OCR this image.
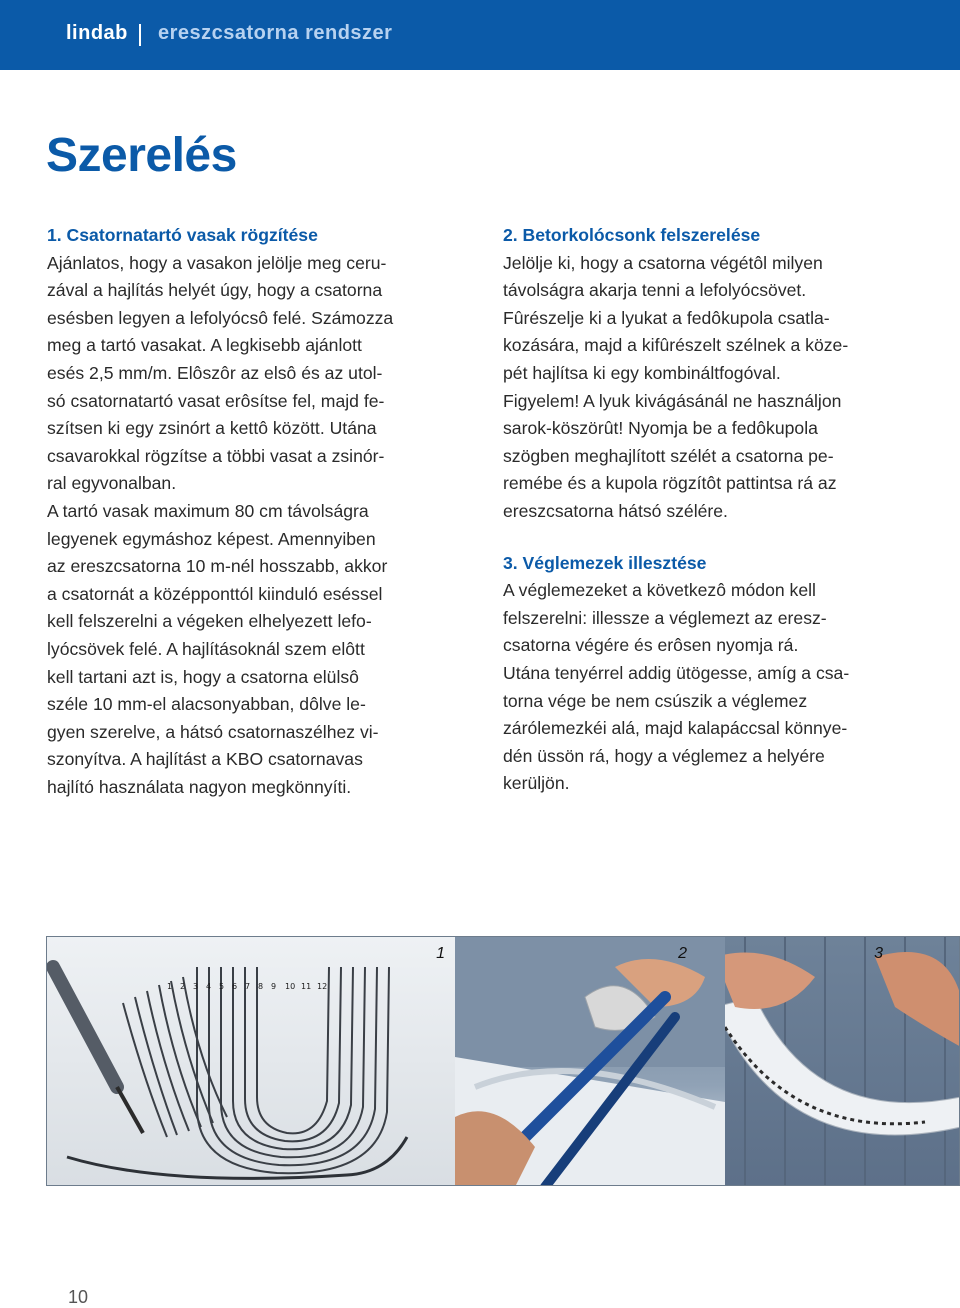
lindab ereszcsatorna rendszer
Szerelés

1. Csatornatartó vasak rögzítése

Ajánlatos, hogy a vasakon jelölje meg ceru-
zával a hajlítás helyét úgy, hogy a csatorna
esésben legyen a lefolyócsô felé. Számozza
meg a tartó vasakat. A legkisebb ajánlott
esés 2,5 mm/m. Elôszôr az elsô és az utol-
só csatornatartó vasat erôsítse fel, majd fe-
szítsen ki egy zsinórt a kettô között. Utána
csavarokkal rögzítse a többi vasat a zsinór-
ral egyvonalban.

A tartó vasak maximum 80 cm távolságra
legyenek egymáshoz képest. Amennyiben
az ereszcsatorna 10 m-nél hosszabb, akkor
a csatornát a középponttól kiinduló eséssel
kell felszerelni a végeken elhelyezett lefo-
lyócsövek felé. A hajlításoknál szem elôtt
kell tartani azt is, hogy a csatorna elülsô
széle 10 mm-el alacsonyabban, dôlve le-
gyen szerelve, a hátsó csatornaszélhez vi-
szonyítva. A hajlítást a KBO csatornavas
hajlító használata nagyon megkönnyíti.

2. Betorkolócsonk felszerelése

Jelölje ki, hogy a csatorna végétôl milyen
távolságra akarja tenni a lefolyócsövet.
Fûrészelje ki a lyukat a fedôkupola csatla-
kozására, majd a kifûrészelt szélnek a köze-
pét hajlítsa ki egy kombináltfogóval.
Figyelem! A lyuk kivágásánál ne használjon
sarok-köszörût! Nyomja be a fedôkupola
szögben meghajlított szélét a csatorna pe-
remébe és a kupola rögzítôt pattintsa rá az
ereszcsatorna hátsó szélére.

3. Véglemezek illesztése

A véglemezeket a következô módon kell
felszerelni: illessze a véglemezt az eresz-
csatorna végére és erôsen nyomja rá.
Utána tenyérrel addig ütögesse, amíg a csa-
torna vége be nem csúszik a véglemez
zárólemezkéi alá, majd kalapáccsal könnye-
dén üssön rá, hogy a véglemez a helyére
kerüljön.

1 2 3 4 5 6 7 8 9 10 11 12
1	2	3
10
